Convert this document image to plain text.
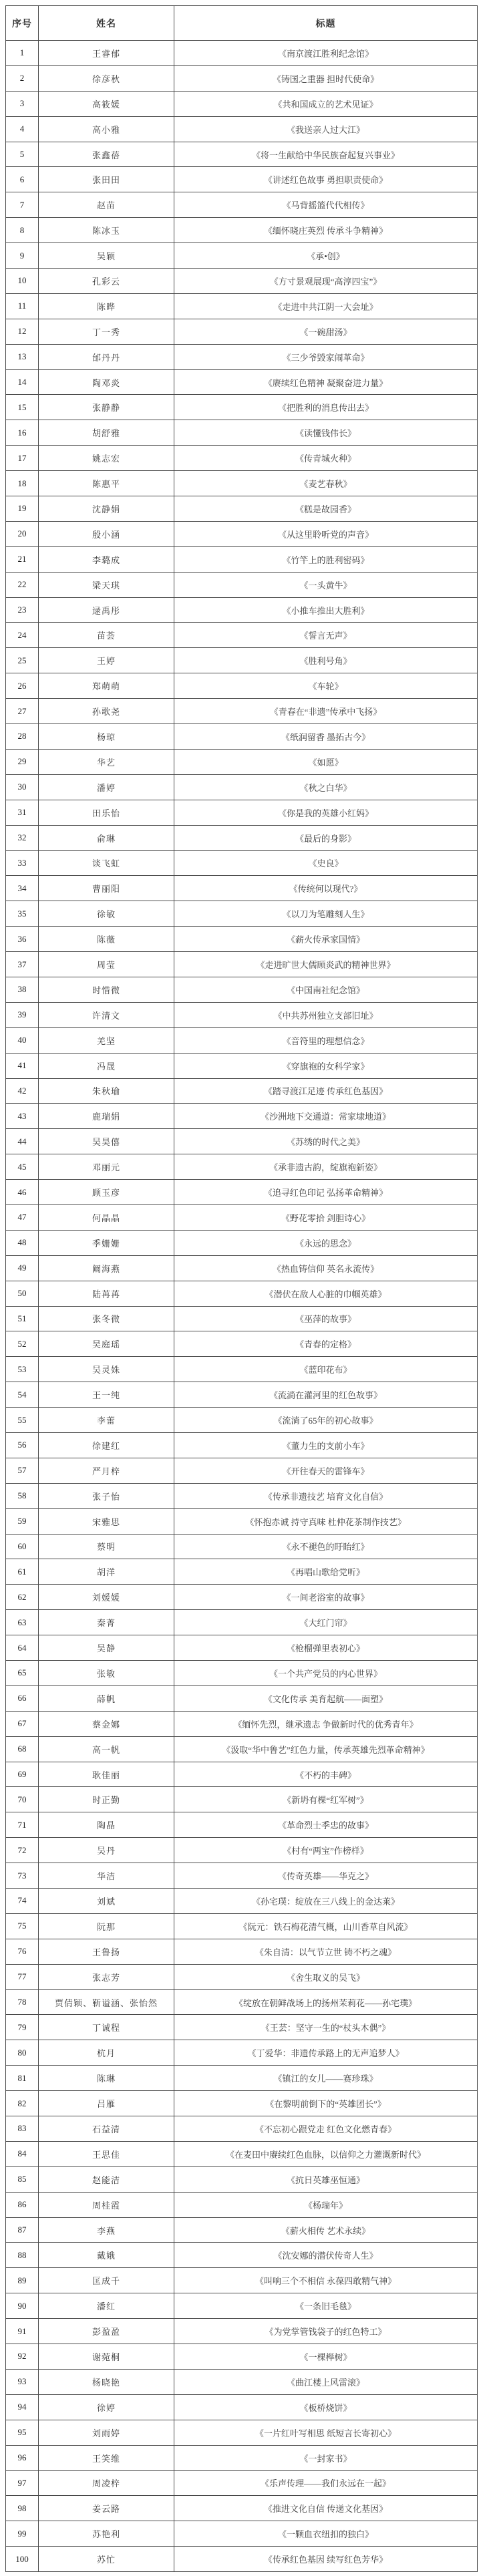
序号	姓名	标题
1	王睿郁	《南京渡江胜利纪念馆》
2	徐彦秋	《铸国之重器 担时代使命》
3	高筱媛	《共和国成立的艺术见证》
4	高小雅	《我送亲人过大江》
5	张鑫蓓	《将一生献给中华民族奋起复兴事业》
6	张田田	《讲述红色故事 勇担职责使命》
7	赵苗	《马背摇篮代代相传》
8	陈冰玉	《缅怀晓庄英烈 传承斗争精神》
9	吴颖	《承•创》
10	孔彩云	《方寸景观展现“高淳四宝”》
11	陈晔	《走进中共江阴一大会址》
12	丁一秀	《一碗甜汤》
13	邰丹丹	《三少爷毁家闹革命》
14	陶邓炎	《赓续红色精神 凝聚奋进力量》
15	张静静	《把胜利的消息传出去》
16	胡舒雅	《读懂钱伟长》
17	姚志宏	《传青城火种》
18	陈惠平	《麦艺春秋》
19	沈静娟	《糕是故园香》
20	殷小涵	《从这里聆听党的声音》
21	李璐成	《竹竿上的胜利密码》
22	梁天琪	《一头黄牛》
23	逯禹彤	《小推车推出大胜利》
24	苗荟	《誓言无声》
25	王婷	《胜利号角》
26	郑萌萌	《车轮》
27	孙歌尧	《青春在“非遗”传承中飞扬》
28	杨琼	《纸润留香 墨拓古今》
29	华艺	《如愿》
30	潘婷	《秋之白华》
31	田乐怡	《你是我的英雄小红妈》
32	俞琳	《最后的身影》
33	谈飞虹	《史良》
34	曹丽阳	《传统何以现代?》
35	徐敏	《以刀为笔雕刻人生》
36	陈薇	《薪火传承家国情》
37	周莹	《走进旷世大儒顾炎武的精神世界》
38	时惜微	《中国南社纪念馆》
39	许清文	《中共苏州独立支部旧址》
40	羌坚	《音符里的理想信念》
41	冯晟	《穿旗袍的女科学家》
42	朱秋瑜	《踏寻渡江足迹 传承红色基因》
43	鹿瑞娟	《沙洲地下交通道：常家埭地道》
44	吴昊僖	《苏绣的时代之美》
45	邓丽元	《承非遗古韵，绽旗袍新姿》
46	顾玉彦	《追寻红色印记 弘扬革命精神》
47	何晶晶	《野花零拾 剑胆诗心》
48	季姗姗	《永远的思念》
49	阚海燕	《热血铸信仰 英名永流传》
50	陆苒苒	《潜伏在敌人心脏的巾帼英雄》
51	张冬微	《巫萍的故事》
52	吴庭瑶	《青春的定格》
53	吴灵姝	《蓝印花布》
54	王一纯	《流淌在灌河里的红色故事》
55	李蕾	《流淌了65年的初心故事》
56	徐建红	《董力生的支前小车》
57	严月梓	《开往春天的雷锋车》
58	张子怡	《传承非遗技艺 培育文化自信》
59	宋雅思	《怀抱赤诚 持守真味 杜仲花茶制作技艺》
60	蔡明	《永不褪色的盱眙红》
61	胡洋	《再唱山歌给党听》
62	刘媛媛	《一间老浴室的故事》
63	秦菁	《大红门帘》
64	吴静	《枪榴弹里表初心》
65	张敏	《一个共产党员的内心世界》
66	薛帆	《文化传承 美育起航——面塑》
67	蔡金娜	《缅怀先烈，继承遗志 争做新时代的优秀青年》
68	高一帆	《汲取“华中鲁艺”红色力量，传承英雄先烈革命精神》
69	耿佳丽	《不朽的丰碑》
70	时正勤	《新坍有棵“红军树”》
71	陶晶	《革命烈士季忠的故事》
72	吴丹	《村有“两宝”作榜样》
73	华洁	《传奇英雄——华克之》
74	刘斌	《孙宅璞：绽放在三八线上的金达莱》
75	阮那	《阮元：铁石梅花清气概，山川香草自风流》
76	王鲁扬	《朱自清：以气节立世 铸不朽之魂》
77	张志芳	《舍生取义的吴飞》
78	贾倩颖、靳谥涵、张怡然	《绽放在朝鲜战场上的扬州茉莉花——孙宅璞》
79	丁诚程	《王芸：坚守一生的“杖头木偶”》
80	杭月	《丁爱华：非遗传承路上的无声追梦人》
81	陈琳	《镇江的女儿——赛珍珠》
82	吕雁	《在黎明前倒下的“英雄团长”》
83	石益清	《不忘初心跟党走 红色文化燃青春》
84	王思佳	《在麦田中赓续红色血脉，以信仰之力灌溉新时代》
85	赵能洁	《抗日英雄巫恒通》
86	周桂霞	《杨瑞年》
87	李燕	《薪火相传 艺术永续》
88	戴娥	《沈安娜的潜伏传奇人生》
89	匡成千	《叫响三个不相信 永葆四敢精气神》
90	潘红	《一条旧毛毯》
91	彭盈盈	《为党掌管钱袋子的红色特工》
92	谢菀桐	《一棵榉树》
93	杨晓艳	《曲江楼上风雷滚》
94	徐婷	《板桥烧饼》
95	刘雨婷	《一片红叶写相思 纸短言长寄初心》
96	王笑维	《一封家书》
97	周凌梓	《乐声传理——我们永远在一起》
98	姜云路	《推进文化自信 传递文化基因》
99	苏艳利	《一颗血衣纽扣的独白》
100	苏忙	《传承红色基因 续写红色芳华》
